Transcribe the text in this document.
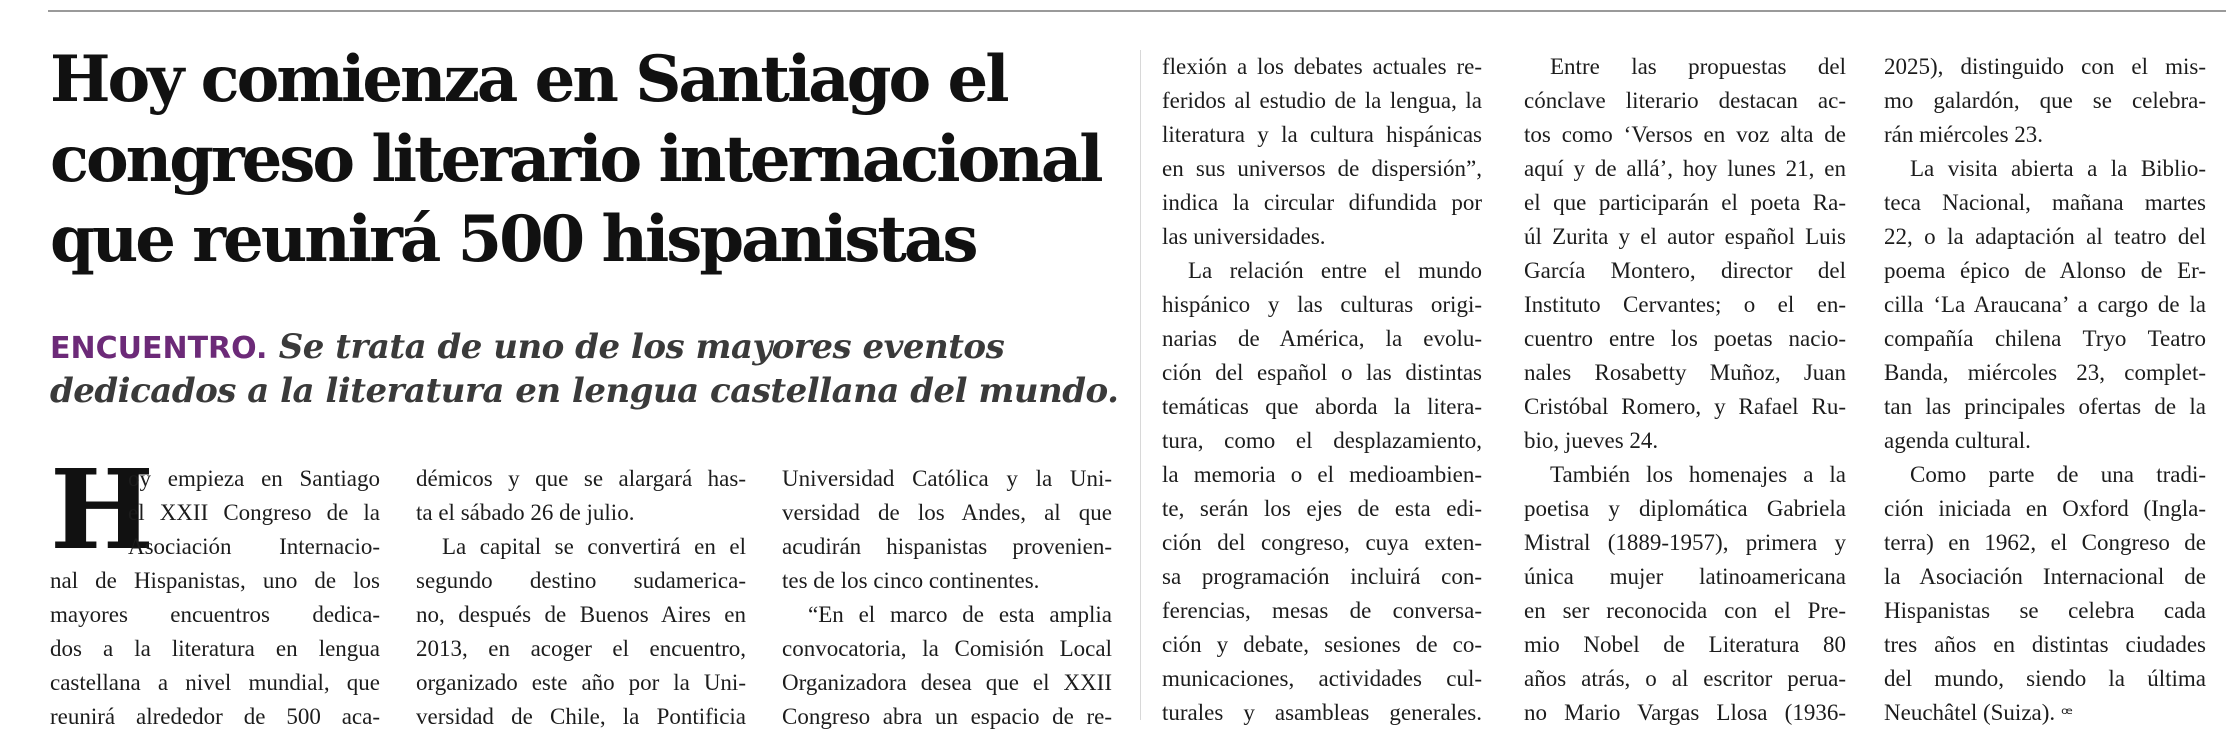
Hoy comienza en Santiago el
congreso literario internacional
que reunirá 500 hispanistas

ENCUENTRO. Se trata de uno de los mayores eventos
dedicados a la literatura en lengua castellana del mundo.

H
oy empieza en Santiago
el XXII Congreso de la
Asociación Internacio-
nal de Hispanistas, uno de los
mayores encuentros dedica-
dos a la literatura en lengua
castellana a nivel mundial, que
reunirá alrededor de 500 aca-
démicos y que se alargará has-
ta el sábado 26 de julio.
La capital se convertirá en el
segundo destino sudamerica-
no, después de Buenos Aires en
2013, en acoger el encuentro,
organizado este año por la Uni-
versidad de Chile, la Pontificia
Universidad Católica y la Uni-
versidad de los Andes, al que
acudirán hispanistas provenien-
tes de los cinco continentes.
“En el marco de esta amplia
convocatoria, la Comisión Local
Organizadora desea que el XXII
Congreso abra un espacio de re-
flexión a los debates actuales re-
feridos al estudio de la lengua, la
literatura y la cultura hispánicas
en sus universos de dispersión”,
indica la circular difundida por
las universidades.
La relación entre el mundo
hispánico y las culturas origi-
narias de América, la evolu-
ción del español o las distintas
temáticas que aborda la litera-
tura, como el desplazamiento,
la memoria o el medioambien-
te, serán los ejes de esta edi-
ción del congreso, cuya exten-
sa programación incluirá con-
ferencias, mesas de conversa-
ción y debate, sesiones de co-
municaciones, actividades cul-
turales y asambleas generales.
Entre las propuestas del
cónclave literario destacan ac-
tos como ‘Versos en voz alta de
aquí y de allá’, hoy lunes 21, en
el que participarán el poeta Ra-
úl Zurita y el autor español Luis
García Montero, director del
Instituto Cervantes; o el en-
cuentro entre los poetas nacio-
nales Rosabetty Muñoz, Juan
Cristóbal Romero, y Rafael Ru-
bio, jueves 24.
También los homenajes a la
poetisa y diplomática Gabriela
Mistral (1889-1957), primera y
única mujer latinoamericana
en ser reconocida con el Pre-
mio Nobel de Literatura 80
años atrás, o al escritor perua-
no Mario Vargas Llosa (1936-
2025), distinguido con el mis-
mo galardón, que se celebra-
rán miércoles 23.
La visita abierta a la Biblio-
teca Nacional, mañana martes
22, o la adaptación al teatro del
poema épico de Alonso de Er-
cilla ‘La Araucana’ a cargo de la
compañía chilena Tryo Teatro
Banda, miércoles 23, complet-
tan las principales ofertas de la
agenda cultural.
Como parte de una tradi-
ción iniciada en Oxford (Ingla-
terra) en 1962, el Congreso de
la Asociación Internacional de
Hispanistas se celebra cada
tres años en distintas ciudades
del mundo, siendo la última
Neuchâtel (Suiza). ꟹ
